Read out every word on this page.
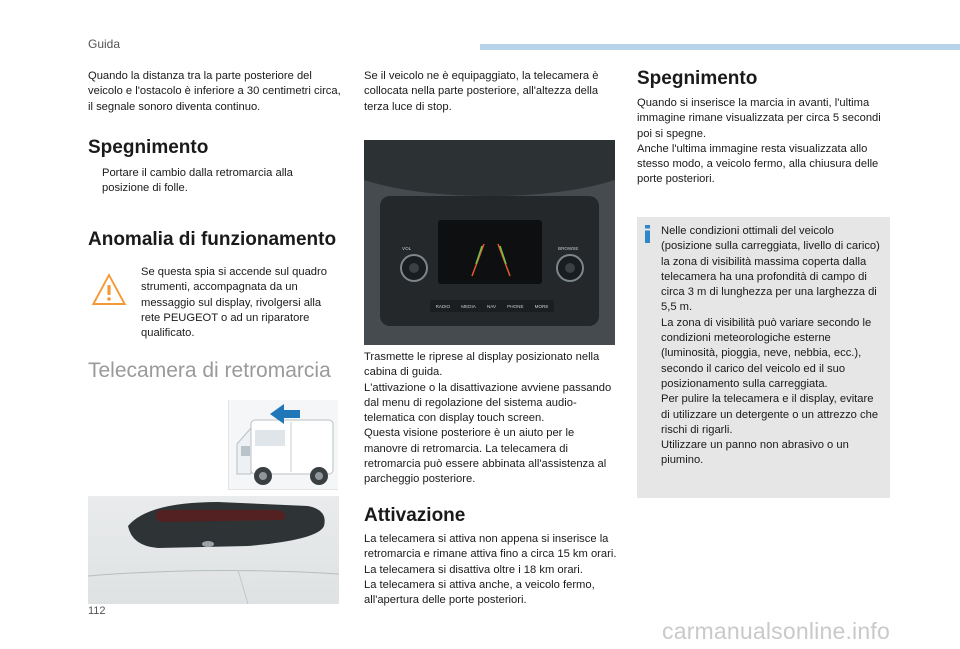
Guida

Quando la distanza tra la parte posteriore del veicolo e l'ostacolo è inferiore a 30 centimetri circa, il segnale sonoro diventa continuo.

Spegnimento
Portare il cambio dalla retromarcia alla posizione di folle.
Anomalia di funzionamento

Se questa spia si accende sul quadro strumenti, accompagnata da un messaggio sul display, rivolgersi alla rete PEUGEOT o ad un riparatore qualificato.

Telecamera di retromarcia

Se il veicolo ne è equipaggiato, la telecamera è collocata nella parte posteriore, all'altezza della terza luce di stop.

RADIO MEDIA NAV PHONE MORE
VOL	BROWSE

Trasmette le riprese al display posizionato nella cabina di guida.
L'attivazione o la disattivazione avviene passando dal menu di regolazione del sistema audio-telematica con display touch screen.
Questa visione posteriore è un aiuto per le manovre di retromarcia. La telecamera di retromarcia può essere abbinata all'assistenza al parcheggio posteriore.

Attivazione

La telecamera si attiva non appena si inserisce la retromarcia e rimane attiva fino a circa 15 km orari. La telecamera si disattiva oltre i 18 km orari.
La telecamera si attiva anche, a veicolo fermo, all'apertura delle porte posteriori.

Spegnimento

Quando si inserisce la marcia in avanti, l'ultima immagine rimane visualizzata per circa 5 secondi poi si spegne.
Anche l'ultima immagine resta visualizzata allo stesso modo, a veicolo fermo, alla chiusura delle porte posteriori.

Nelle condizioni ottimali del veicolo (posizione sulla carreggiata, livello di carico) la zona di visibilità massima coperta dalla telecamera ha una profondità di campo di circa 3 m di lunghezza per una larghezza di 5,5 m.
La zona di visibilità può variare secondo le condizioni meteorologiche esterne (luminosità, pioggia, neve, nebbia, ecc.), secondo il carico del veicolo ed il suo posizionamento sulla carreggiata.
Per pulire la telecamera e il display, evitare di utilizzare un detergente o un attrezzo che rischi di rigarli.
Utilizzare un panno non abrasivo o un piumino.

112
carmanualsonline.info
